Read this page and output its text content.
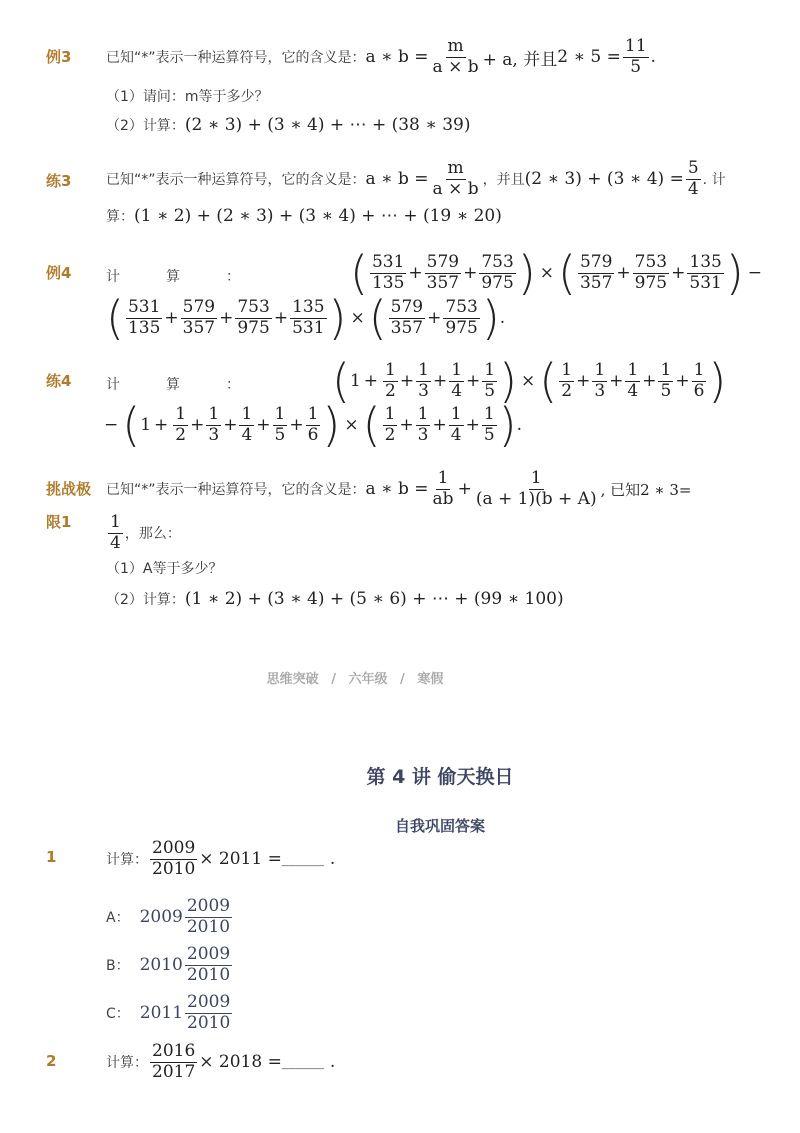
例3 已知“*”表示一种运算符号，它的含义是： a ∗ $b = \frac{m}{a \times b} + a$, 并且 2 ∗ $5 = \frac{11}{5}$ .
（1）请问：m等于多少？
（2）计算： (2 ∗ 3) + (3 ∗ 4) + ⋯ + (38 ∗ 39)
练3 已知“*”表示一种运算符号，它的含义是： a ∗ $b = \frac{m}{a \times b}$ ，并且 (2 ∗ 3) + (3 ∗ $4) = \frac{5}{4}$ . 计
算： (1 ∗ 2) + (2 ∗ 3) + (3 ∗ 4) + ⋯ + (19 ∗ 20)
例4 计算： ( $\frac{531}{135} + \frac{579}{357} + \frac{753}{975}$ ) × ( $\frac{579}{357} + \frac{753}{975} + \frac{135}{531}$ ) −
( $\frac{531}{135} + \frac{579}{357} + \frac{753}{975} + \frac{135}{531}$ ) × ( $\frac{579}{357} + \frac{753}{975}$ ) .
练4 计算： ( $1 + \frac{1}{2} + \frac{1}{3} + \frac{1}{4} + \frac{1}{5}$ ) × ( $\frac{1}{2} + \frac{1}{3} + \frac{1}{4} + \frac{1}{5} + \frac{1}{6}$ )
− ( $1 + \frac{1}{2} + \frac{1}{3} + \frac{1}{4} + \frac{1}{5} + \frac{1}{6}$ ) × ( $\frac{1}{2} + \frac{1}{3} + \frac{1}{4} + \frac{1}{5}$ ) .
挑战极
限1
已知“*”表示一种运算符号，它的含义是： a ∗ $b = \frac{1}{ab} + \frac{1}{(a + 1)(b + A)}$ , 已知2 ∗ 3=
$\frac{1}{4}$ ，那么：
（1）A等于多少？
（2）计算： (1 ∗ 2) + (3 ∗ 4) + (5 ∗ 6) + ⋯ + (99 ∗ 100)
思维突破 / 六年级 / 寒假
第 4 讲 偷天换日
自我巩固答案
1	计算： $\frac{2009}{2010} \times 2011$ = ______ .
A： $2009 \frac{2009}{2010}$
B： $2010 \frac{2009}{2010}$
C： $2011 \frac{2009}{2010}$
2	计算： $\frac{2016}{2017} \times 2018$ = ______ .
